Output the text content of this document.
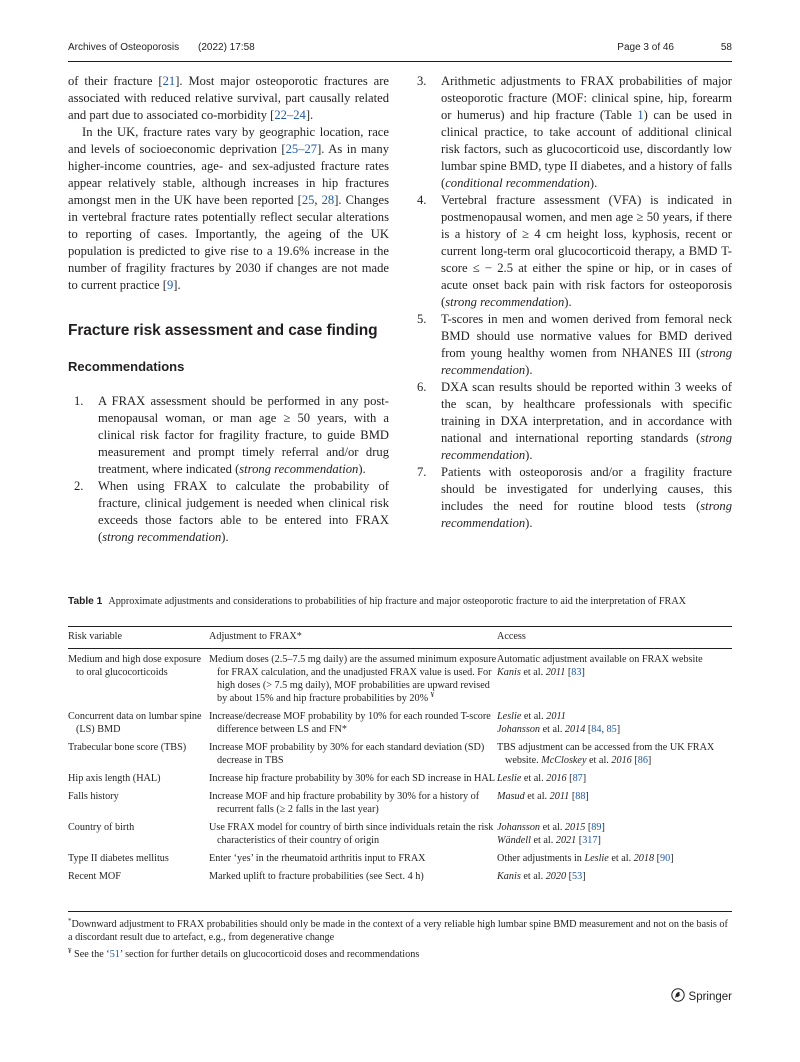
Archives of Osteoporosis (2022) 17:58	Page 3 of 46	58

of their fracture [21]. Most major osteoporotic fractures are associated with reduced relative survival, part causally related and part due to associated co-morbidity [22–24].

In the UK, fracture rates vary by geographic location, race and levels of socioeconomic deprivation [25–27]. As in many higher-income countries, age- and sex-adjusted fracture rates appear relatively stable, although increases in hip fractures amongst men in the UK have been reported [25, 28]. Changes in vertebral fracture rates potentially reflect secular alterations to reporting of cases. Importantly, the ageing of the UK population is predicted to give rise to a 19.6% increase in the number of fragility fractures by 2030 if changes are not made to current practice [9].

Fracture risk assessment and case finding
Recommendations
1. A FRAX assessment should be performed in any post-menopausal woman, or man age ≥ 50 years, with a clinical risk factor for fragility fracture, to guide BMD measurement and prompt timely referral and/or drug treatment, where indicated (strong recommendation).
2. When using FRAX to calculate the probability of fracture, clinical judgement is needed when clinical risk exceeds those factors able to be entered into FRAX (strong recommendation).
3. Arithmetic adjustments to FRAX probabilities of major osteoporotic fracture (MOF: clinical spine, hip, forearm or humerus) and hip fracture (Table 1) can be used in clinical practice, to take account of additional clinical risk factors, such as glucocorticoid use, discordantly low lumbar spine BMD, type II diabetes, and a history of falls (conditional recommendation).
4. Vertebral fracture assessment (VFA) is indicated in postmenopausal women, and men age ≥ 50 years, if there is a history of ≥ 4 cm height loss, kyphosis, recent or current long-term oral glucocorticoid therapy, a BMD T-score ≤ − 2.5 at either the spine or hip, or in cases of acute onset back pain with risk factors for osteoporosis (strong recommendation).
5. T-scores in men and women derived from femoral neck BMD should use normative values for BMD derived from young healthy women from NHANES III (strong recommendation).
6. DXA scan results should be reported within 3 weeks of the scan, by healthcare professionals with specific training in DXA interpretation, and in accordance with national and international reporting standards (strong recommendation).
7. Patients with osteoporosis and/or a fragility fracture should be investigated for underlying causes, this includes the need for routine blood tests (strong recommendation).
Table 1 Approximate adjustments and considerations to probabilities of hip fracture and major osteoporotic fracture to aid the interpretation of FRAX
Risk variable	Adjustment to FRAX*	Access

Medium and high dose exposure to oral glucocorticoids	Medium doses (2.5–7.5 mg daily) are the assumed minimum exposure for FRAX calculation, and the unadjusted FRAX value is used. For high doses (> 7.5 mg daily), MOF probabilities are upward revised by about 15% and hip fracture probabilities by 20% ¥	Automatic adjustment available on FRAX website
Kanis et al. 2011 [83]

Concurrent data on lumbar spine (LS) BMD	Increase/decrease MOF probability by 10% for each rounded T-score difference between LS and FN*	Leslie et al. 2011
Johansson et al. 2014 [84, 85]

Trabecular bone score (TBS)	Increase MOF probability by 30% for each standard deviation (SD) decrease in TBS	TBS adjustment can be accessed from the UK FRAX website. McCloskey et al. 2016 [86]

Hip axis length (HAL)	Increase hip fracture probability by 30% for each SD increase in HAL	Leslie et al. 2016 [87]

Falls history	Increase MOF and hip fracture probability by 30% for a history of recurrent falls (≥ 2 falls in the last year)	Masud et al. 2011 [88]

Country of birth	Use FRAX model for country of birth since individuals retain the risk characteristics of their country of origin	Johansson et al. 2015 [89]
Wändell et al. 2021 [317]

Type II diabetes mellitus	Enter ‘yes’ in the rheumatoid arthritis input to FRAX	Other adjustments in Leslie et al. 2018 [90]

Recent MOF	Marked uplift to fracture probabilities (see Sect. 4 h)	Kanis et al. 2020 [53]
*Downward adjustment to FRAX probabilities should only be made in the context of a very reliable high lumbar spine BMD measurement and not on the basis of a discordant result due to artefact, e.g., from degenerative change
¥ See the ‘51’ section for further details on glucocorticoid doses and recommendations
Springer
